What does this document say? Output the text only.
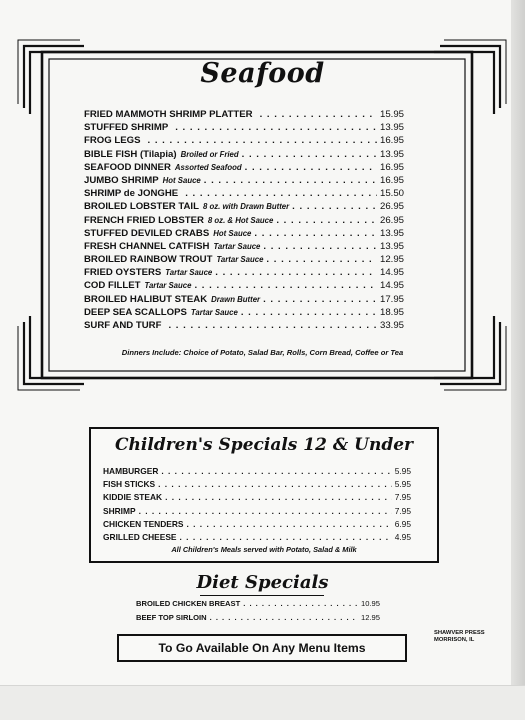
Seafood
FRIED MAMMOTH SHRIMP PLATTER . . .	15.95
STUFFED SHRIMP . . .	13.95
FROG LEGS . . .	16.95
BIBLE FISH (Tilapia) Broiled or Fried . . .	13.95
SEAFOOD DINNER Assorted Seafood . . .	16.95
JUMBO SHRIMP Hot Sauce . . .	16.95
SHRIMP de JONGHE . . .	15.50
BROILED LOBSTER TAIL 8 oz. with Drawn Butter . . .	26.95
FRENCH FRIED LOBSTER 8 oz. & Hot Sauce . . .	26.95
STUFFED DEVILED CRABS Hot Sauce . . .	13.95
FRESH CHANNEL CATFISH Tartar Sauce . . .	13.95
BROILED RAINBOW TROUT Tartar Sauce . . .	12.95
FRIED OYSTERS Tartar Sauce . . .	14.95
COD FILLET Tartar Sauce . . .	14.95
BROILED HALIBUT STEAK Drawn Butter . . .	17.95
DEEP SEA SCALLOPS Tartar Sauce . . .	18.95
SURF AND TURF . . .	33.95
Dinners Include: Choice of Potato, Salad Bar, Rolls, Corn Bread, Coffee or Tea
Children's Specials 12 & Under
HAMBURGER . . .	5.95
FISH STICKS . . .	5.95
KIDDIE STEAK . . .	7.95
SHRIMP . . .	7.95
CHICKEN TENDERS . . .	6.95
GRILLED CHEESE . . .	4.95
All Children's Meals served with Potato, Salad & Milk
Diet Specials
BROILED CHICKEN BREAST . . .	10.95
BEEF TOP SIRLOIN . . .	12.95
To Go Available On Any Menu Items
SHAWVER PRESS
MORRISON, IL
